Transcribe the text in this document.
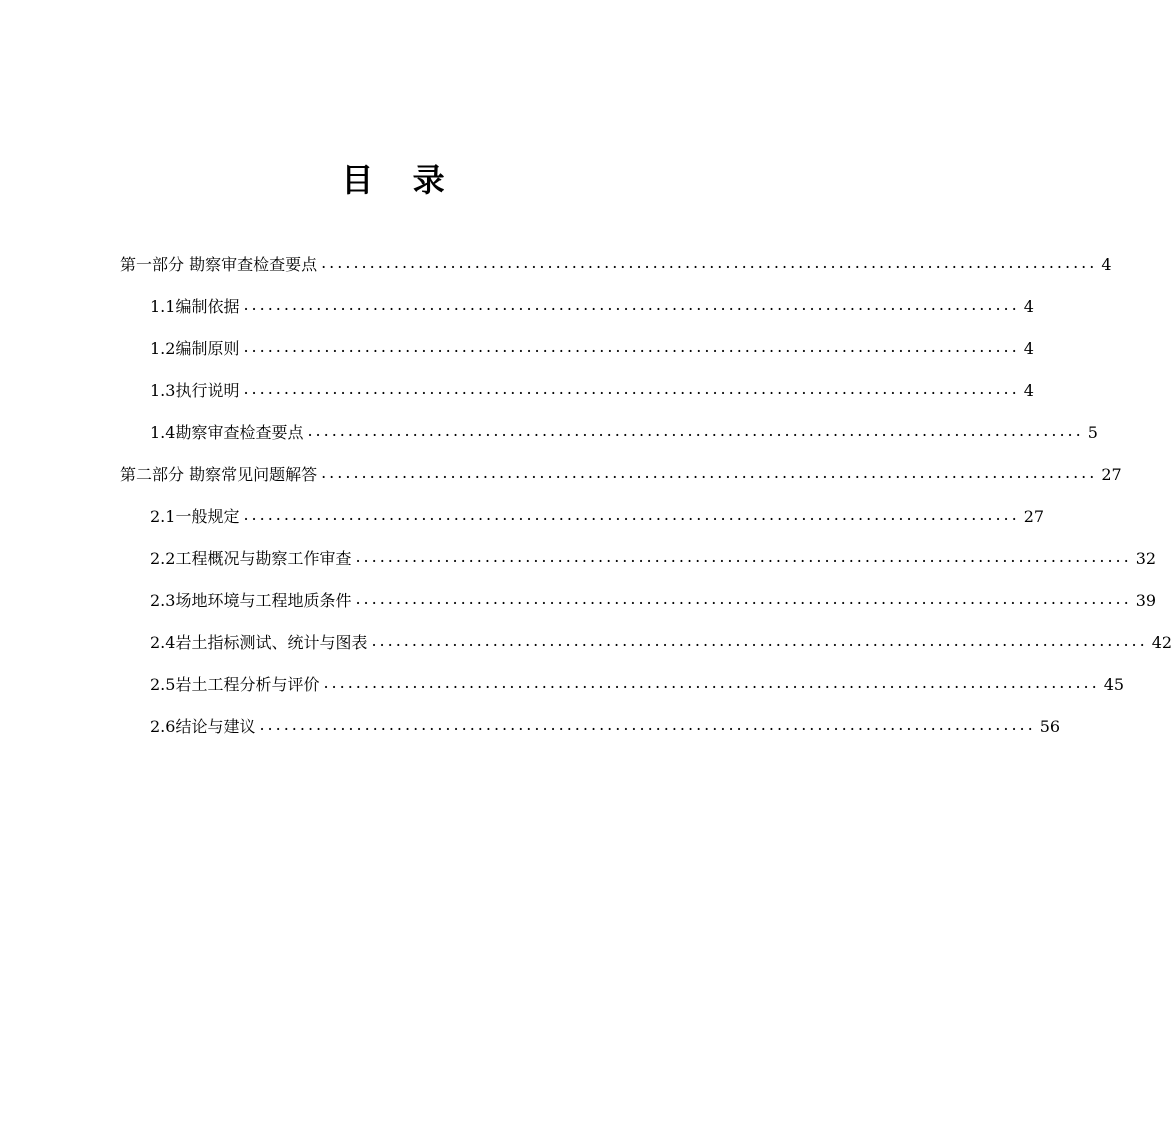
目 录
第一部分 勘察审查检查要点 ................................................................................................ 4
1.1编制依据 ................................................................................................ 4
1.2编制原则 ................................................................................................ 4
1.3执行说明 ................................................................................................ 4
1.4勘察审查检查要点 ................................................................................................ 5
第二部分 勘察常见问题解答 ................................................................................................ 27
2.1一般规定 ................................................................................................ 27
2.2工程概况与勘察工作审查 ................................................................................................ 32
2.3场地环境与工程地质条件 ................................................................................................ 39
2.4岩土指标测试、统计与图表 ................................................................................................ 42
2.5岩土工程分析与评价 ................................................................................................ 45
2.6结论与建议 ................................................................................................ 56
